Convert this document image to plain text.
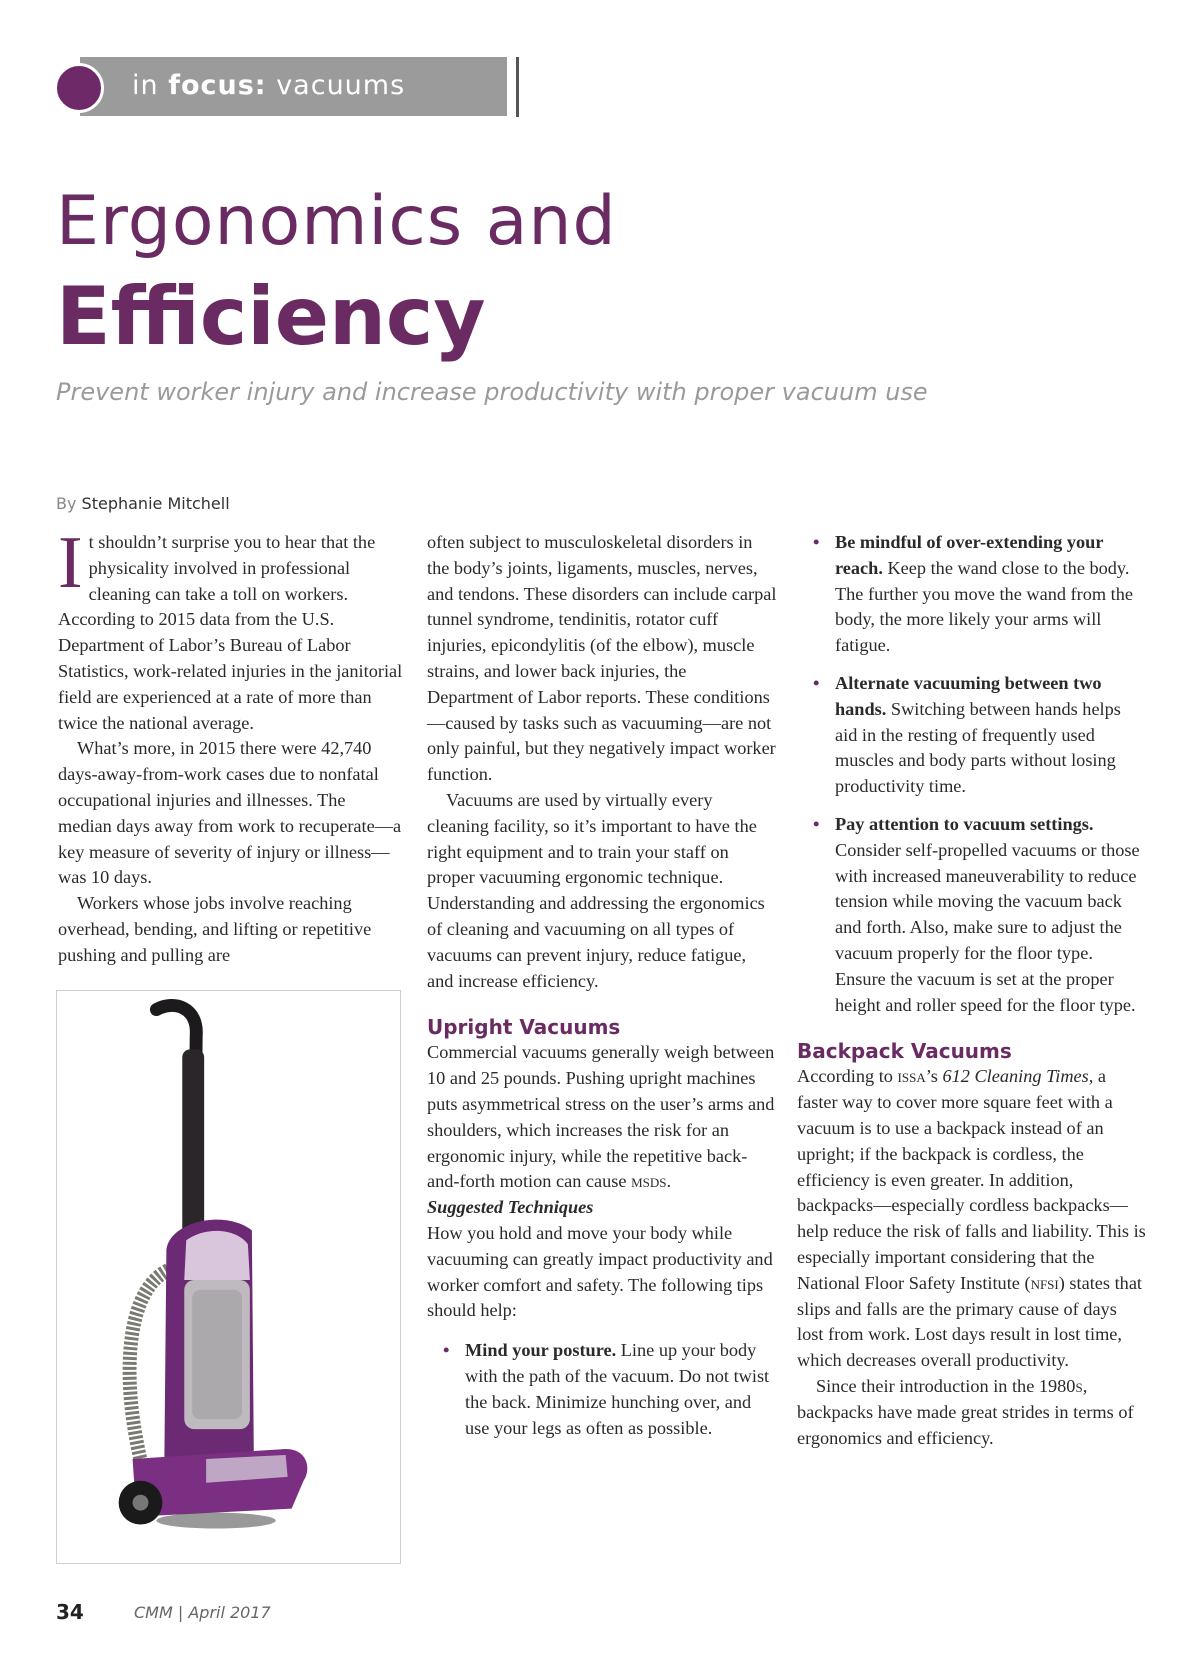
in focus: vacuums
Ergonomics and
Efficiency
Prevent worker injury and increase productivity with proper vacuum use
By Stephanie Mitchell

It shouldn’t surprise you to hear that the physicality involved in professional cleaning can take a toll on workers. According to 2015 data from the U.S. Department of Labor’s Bureau of Labor Statistics, work-related injuries in the janitorial field are experienced at a rate of more than twice the national average.

What’s more, in 2015 there were 42,740 days-away-from-work cases due to nonfatal occupational injuries and illnesses. The median days away from work to recuperate—a key measure of severity of injury or illness—was 10 days.

Workers whose jobs involve reaching overhead, bending, and lifting or repetitive pushing and pulling are

often subject to musculoskeletal disorders in the body’s joints, ligaments, muscles, nerves, and tendons. These disorders can include carpal tunnel syndrome, tendinitis, rotator cuff injuries, epicondylitis (of the elbow), muscle strains, and lower back injuries, the Department of Labor reports. These conditions—caused by tasks such as vacuuming—are not only painful, but they negatively impact worker function.

Vacuums are used by virtually every cleaning facility, so it’s important to have the right equipment and to train your staff on proper vacuuming ergonomic technique. Understanding and addressing the ergonomics of cleaning and vacuuming on all types of vacuums can prevent injury, reduce fatigue, and increase efficiency.

Upright Vacuums

Commercial vacuums generally weigh between 10 and 25 pounds. Pushing upright machines puts asymmetrical stress on the user’s arms and shoulders, which increases the risk for an ergonomic injury, while the repetitive back-and-forth motion can cause msds.

Suggested Techniques

How you hold and move your body while vacuuming can greatly impact productivity and worker comfort and safety. The following tips should help:

• Mind your posture. Line up your body with the path of the vacuum. Do not twist the back. Minimize hunching over, and use your legs as often as possible.
• Be mindful of over-extending your reach. Keep the wand close to the body. The further you move the wand from the body, the more likely your arms will fatigue.
• Alternate vacuuming between two hands. Switching between hands helps aid in the resting of frequently used muscles and body parts without losing productivity time.
• Pay attention to vacuum settings. Consider self-propelled vacuums or those with increased maneuverability to reduce tension while moving the vacuum back and forth. Also, make sure to adjust the vacuum properly for the floor type. Ensure the vacuum is set at the proper height and roller speed for the floor type.
Backpack Vacuums

According to issa’s 612 Cleaning Times, a faster way to cover more square feet with a vacuum is to use a backpack instead of an upright; if the backpack is cordless, the efficiency is even greater. In addition, backpacks—especially cordless backpacks—help reduce the risk of falls and liability. This is especially important considering that the National Floor Safety Institute (nfsi) states that slips and falls are the primary cause of days lost from work. Lost days result in lost time, which decreases overall productivity.

Since their introduction in the 1980s, backpacks have made great strides in terms of ergonomics and efficiency.

34	CMM | April 2017
